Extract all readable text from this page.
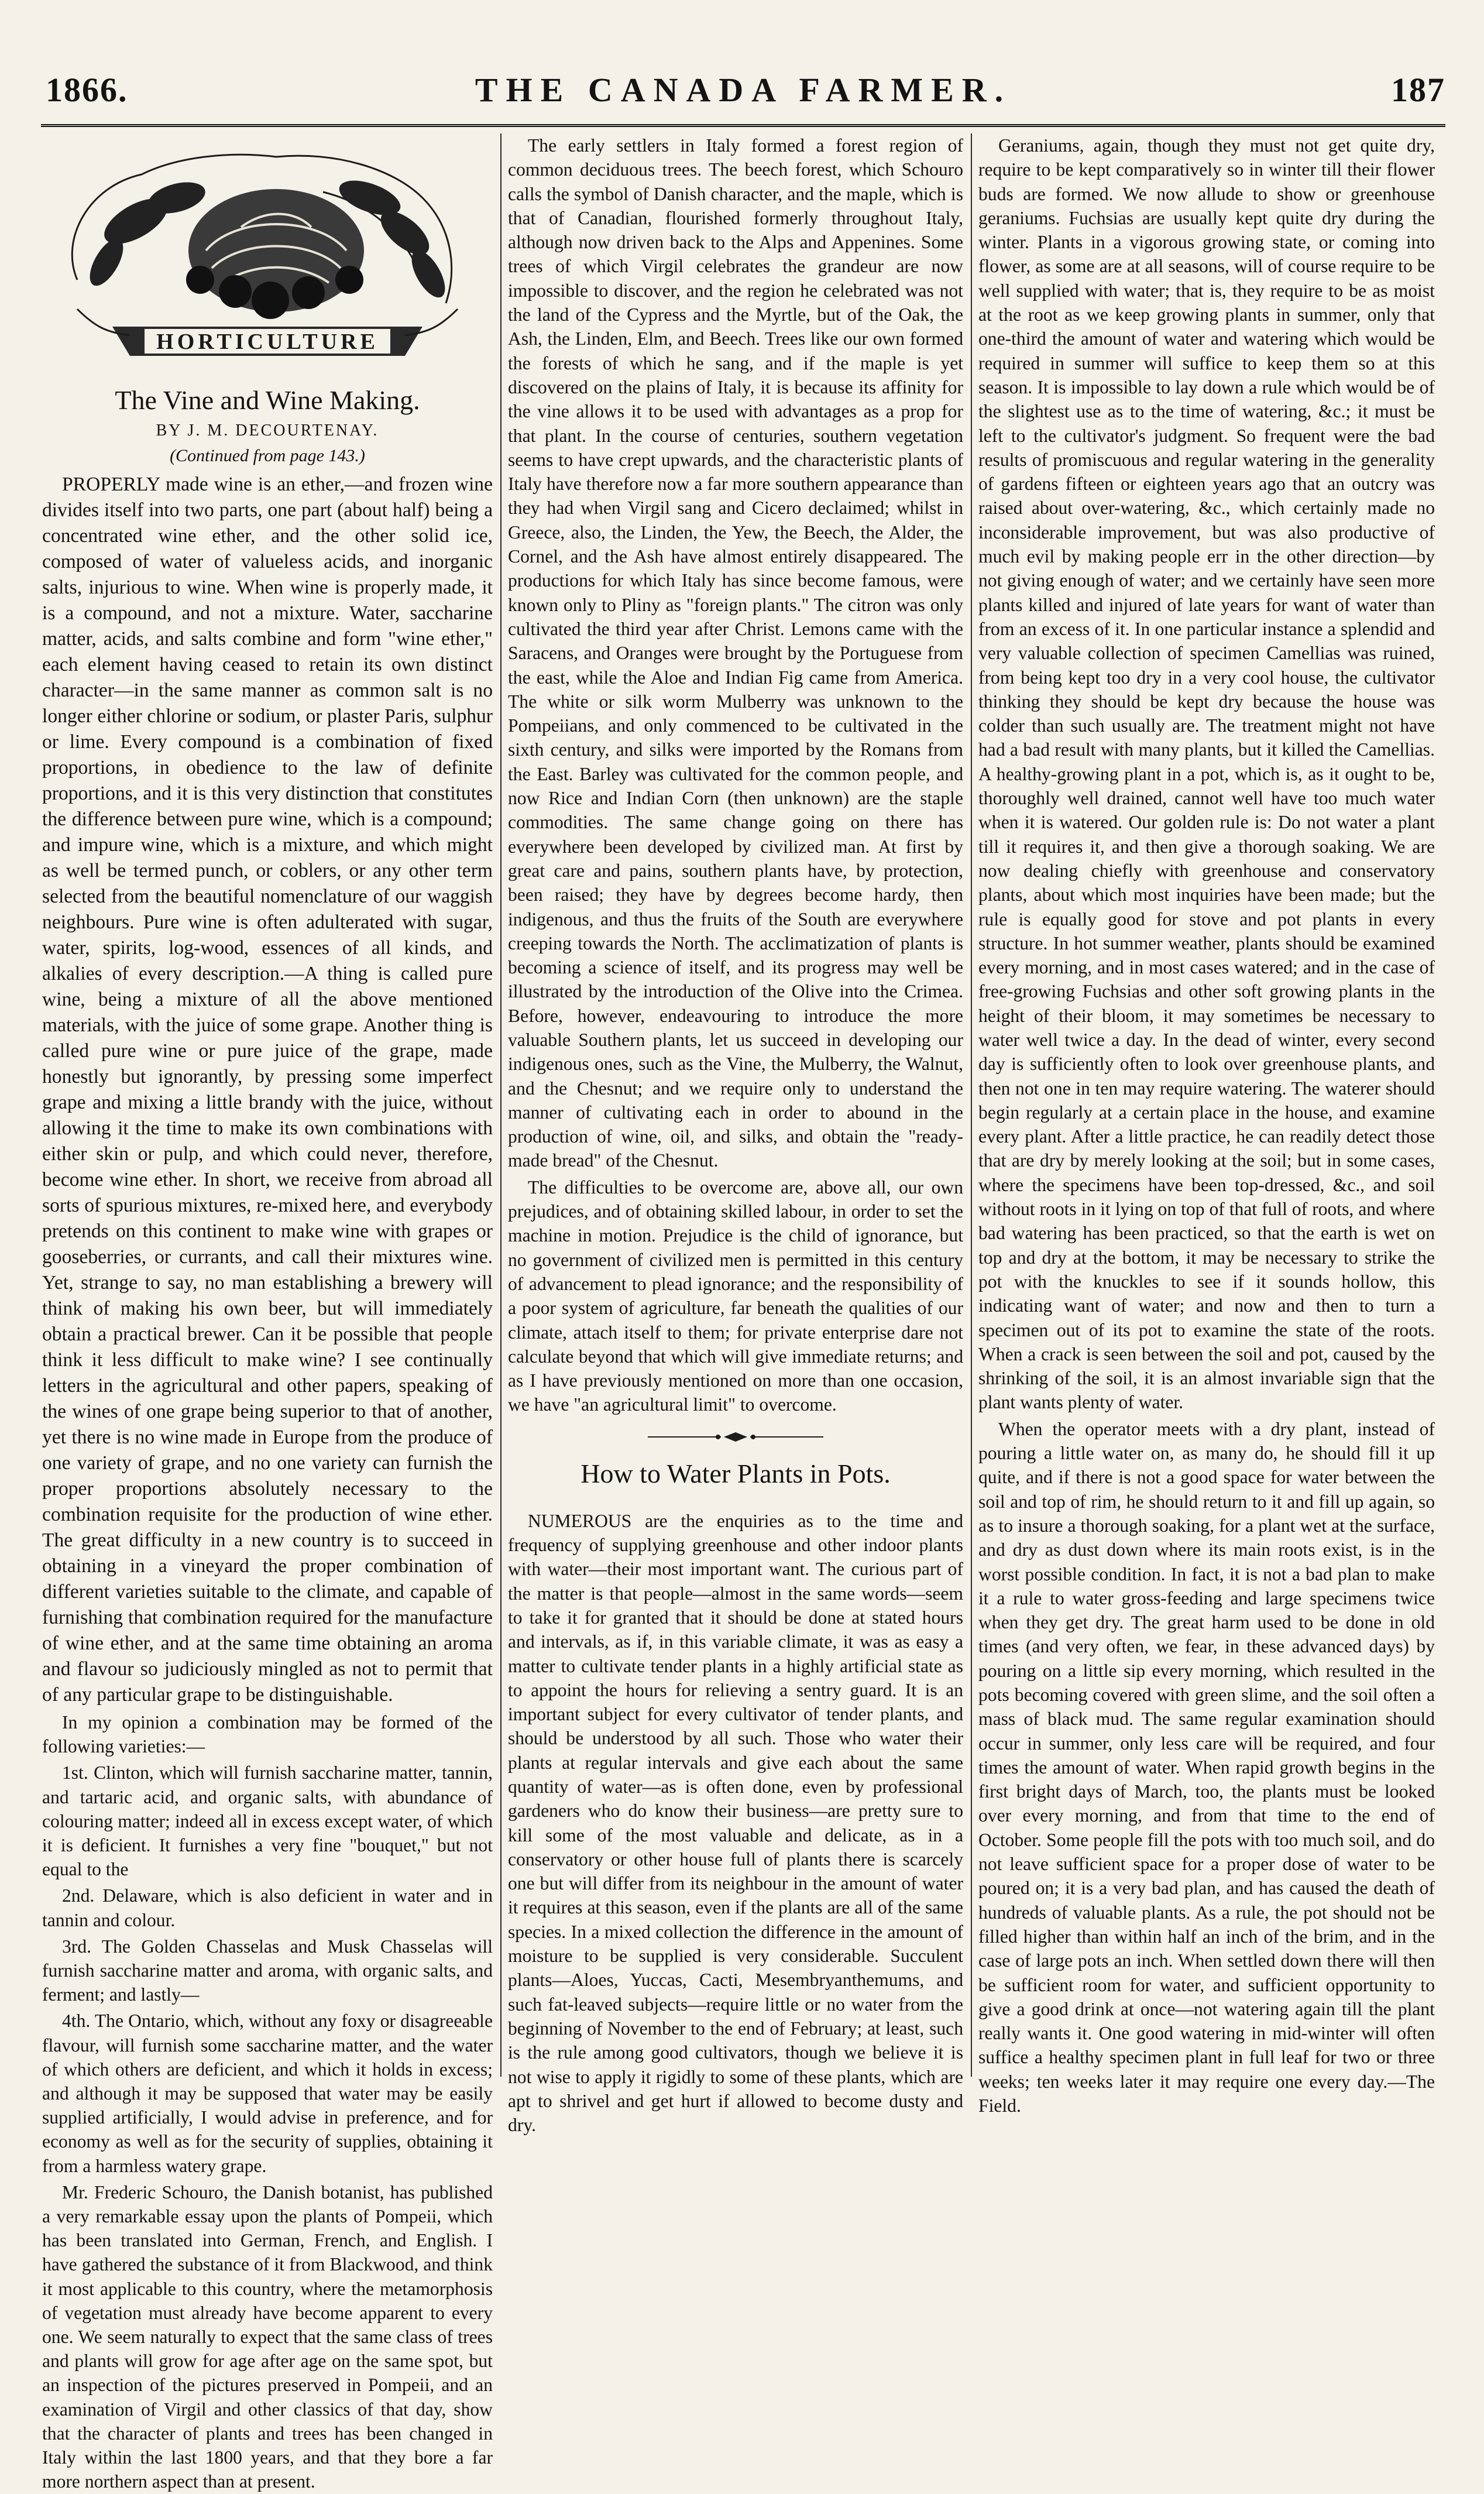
THE CANADA FARMER.
1866.	187
HORTICULTURE
The Vine and Wine Making.
BY J. M. DECOURTENAY.
(Continued from page 143.)

PROPERLY made wine is an ether,—and frozen wine divides itself into two parts, one part (about half) being a concentrated wine ether, and the other solid ice, composed of water of valueless acids, and inorganic salts, injurious to wine. When wine is properly made, it is a compound, and not a mixture. Water, saccharine matter, acids, and salts combine and form "wine ether," each element having ceased to retain its own distinct character—in the same manner as common salt is no longer either chlorine or sodium, or plaster Paris, sulphur or lime. Every compound is a combination of fixed proportions, in obedience to the law of definite proportions, and it is this very distinction that constitutes the difference between pure wine, which is a compound; and impure wine, which is a mixture, and which might as well be termed punch, or coblers, or any other term selected from the beautiful nomenclature of our waggish neighbours. Pure wine is often adulterated with sugar, water, spirits, log-wood, essences of all kinds, and alkalies of every description.—A thing is called pure wine, being a mixture of all the above mentioned materials, with the juice of some grape. Another thing is called pure wine or pure juice of the grape, made honestly but ignorantly, by pressing some imperfect grape and mixing a little brandy with the juice, without allowing it the time to make its own combinations with either skin or pulp, and which could never, therefore, become wine ether. In short, we receive from abroad all sorts of spurious mixtures, re-mixed here, and everybody pretends on this continent to make wine with grapes or gooseberries, or currants, and call their mixtures wine. Yet, strange to say, no man establishing a brewery will think of making his own beer, but will immediately obtain a practical brewer. Can it be possible that people think it less difficult to make wine? I see continually letters in the agricultural and other papers, speaking of the wines of one grape being superior to that of another, yet there is no wine made in Europe from the produce of one variety of grape, and no one variety can furnish the proper proportions absolutely necessary to the combination requisite for the production of wine ether. The great difficulty in a new country is to succeed in obtaining in a vineyard the proper combination of different varieties suitable to the climate, and capable of furnishing that combination required for the manufacture of wine ether, and at the same time obtaining an aroma and flavour so judiciously mingled as not to permit that of any particular grape to be distinguishable.

In my opinion a combination may be formed of the following varieties:—

1st. Clinton, which will furnish saccharine matter, tannin, and tartaric acid, and organic salts, with abundance of colouring matter; indeed all in excess except water, of which it is deficient. It furnishes a very fine "bouquet," but not equal to the

2nd. Delaware, which is also deficient in water and in tannin and colour.

3rd. The Golden Chasselas and Musk Chasselas will furnish saccharine matter and aroma, with organic salts, and ferment; and lastly—

4th. The Ontario, which, without any foxy or disagreeable flavour, will furnish some saccharine matter, and the water of which others are deficient, and which it holds in excess; and although it may be supposed that water may be easily supplied artificially, I would advise in preference, and for economy as well as for the security of supplies, obtaining it from a harmless watery grape.

Mr. Frederic Schouro, the Danish botanist, has published a very remarkable essay upon the plants of Pompeii, which has been translated into German, French, and English. I have gathered the substance of it from Blackwood, and think it most applicable to this country, where the metamorphosis of vegetation must already have become apparent to every one. We seem naturally to expect that the same class of trees and plants will grow for age after age on the same spot, but an inspection of the pictures preserved in Pompeii, and an examination of Virgil and other classics of that day, show that the character of plants and trees has been changed in Italy within the last 1800 years, and that they bore a far more northern aspect than at present.

The early settlers in Italy formed a forest region of common deciduous trees. The beech forest, which Schouro calls the symbol of Danish character, and the maple, which is that of Canadian, flourished formerly throughout Italy, although now driven back to the Alps and Appenines. Some trees of which Virgil celebrates the grandeur are now impossible to discover, and the region he celebrated was not the land of the Cypress and the Myrtle, but of the Oak, the Ash, the Linden, Elm, and Beech. Trees like our own formed the forests of which he sang, and if the maple is yet discovered on the plains of Italy, it is because its affinity for the vine allows it to be used with advantages as a prop for that plant. In the course of centuries, southern vegetation seems to have crept upwards, and the characteristic plants of Italy have therefore now a far more southern appearance than they had when Virgil sang and Cicero declaimed; whilst in Greece, also, the Linden, the Yew, the Beech, the Alder, the Cornel, and the Ash have almost entirely disappeared. The productions for which Italy has since become famous, were known only to Pliny as "foreign plants." The citron was only cultivated the third year after Christ. Lemons came with the Saracens, and Oranges were brought by the Portuguese from the east, while the Aloe and Indian Fig came from America. The white or silk worm Mulberry was unknown to the Pompeiians, and only commenced to be cultivated in the sixth century, and silks were imported by the Romans from the East. Barley was cultivated for the common people, and now Rice and Indian Corn (then unknown) are the staple commodities. The same change going on there has everywhere been developed by civilized man. At first by great care and pains, southern plants have, by protection, been raised; they have by degrees become hardy, then indigenous, and thus the fruits of the South are everywhere creeping towards the North. The acclimatization of plants is becoming a science of itself, and its progress may well be illustrated by the introduction of the Olive into the Crimea. Before, however, endeavouring to introduce the more valuable Southern plants, let us succeed in developing our indigenous ones, such as the Vine, the Mulberry, the Walnut, and the Chesnut; and we require only to understand the manner of cultivating each in order to abound in the production of wine, oil, and silks, and obtain the "ready-made bread" of the Chesnut.

The difficulties to be overcome are, above all, our own prejudices, and of obtaining skilled labour, in order to set the machine in motion. Prejudice is the child of ignorance, but no government of civilized men is permitted in this century of advancement to plead ignorance; and the responsibility of a poor system of agriculture, far beneath the qualities of our climate, attach itself to them; for private enterprise dare not calculate beyond that which will give immediate returns; and as I have previously mentioned on more than one occasion, we have "an agricultural limit" to overcome.

How to Water Plants in Pots.

NUMEROUS are the enquiries as to the time and frequency of supplying greenhouse and other indoor plants with water—their most important want. The curious part of the matter is that people—almost in the same words—seem to take it for granted that it should be done at stated hours and intervals, as if, in this variable climate, it was as easy a matter to cultivate tender plants in a highly artificial state as to appoint the hours for relieving a sentry guard. It is an important subject for every cultivator of tender plants, and should be understood by all such. Those who water their plants at regular intervals and give each about the same quantity of water—as is often done, even by professional gardeners who do know their business—are pretty sure to kill some of the most valuable and delicate, as in a conservatory or other house full of plants there is scarcely one but will differ from its neighbour in the amount of water it requires at this season, even if the plants are all of the same species. In a mixed collection the difference in the amount of moisture to be supplied is very considerable. Succulent plants—Aloes, Yuccas, Cacti, Mesembryanthemums, and such fat-leaved subjects—require little or no water from the beginning of November to the end of February; at least, such is the rule among good cultivators, though we believe it is not wise to apply it rigidly to some of these plants, which are apt to shrivel and get hurt if allowed to become dusty and dry.

Geraniums, again, though they must not get quite dry, require to be kept comparatively so in winter till their flower buds are formed. We now allude to show or greenhouse geraniums. Fuchsias are usually kept quite dry during the winter. Plants in a vigorous growing state, or coming into flower, as some are at all seasons, will of course require to be well supplied with water; that is, they require to be as moist at the root as we keep growing plants in summer, only that one-third the amount of water and watering which would be required in summer will suffice to keep them so at this season. It is impossible to lay down a rule which would be of the slightest use as to the time of watering, &c.; it must be left to the cultivator's judgment. So frequent were the bad results of promiscuous and regular watering in the generality of gardens fifteen or eighteen years ago that an outcry was raised about over-watering, &c., which certainly made no inconsiderable improvement, but was also productive of much evil by making people err in the other direction—by not giving enough of water; and we certainly have seen more plants killed and injured of late years for want of water than from an excess of it. In one particular instance a splendid and very valuable collection of specimen Camellias was ruined, from being kept too dry in a very cool house, the cultivator thinking they should be kept dry because the house was colder than such usually are. The treatment might not have had a bad result with many plants, but it killed the Camellias. A healthy-growing plant in a pot, which is, as it ought to be, thoroughly well drained, cannot well have too much water when it is watered. Our golden rule is: Do not water a plant till it requires it, and then give a thorough soaking. We are now dealing chiefly with greenhouse and conservatory plants, about which most inquiries have been made; but the rule is equally good for stove and pot plants in every structure. In hot summer weather, plants should be examined every morning, and in most cases watered; and in the case of free-growing Fuchsias and other soft growing plants in the height of their bloom, it may sometimes be necessary to water well twice a day. In the dead of winter, every second day is sufficiently often to look over greenhouse plants, and then not one in ten may require watering. The waterer should begin regularly at a certain place in the house, and examine every plant. After a little practice, he can readily detect those that are dry by merely looking at the soil; but in some cases, where the specimens have been top-dressed, &c., and soil without roots in it lying on top of that full of roots, and where bad watering has been practiced, so that the earth is wet on top and dry at the bottom, it may be necessary to strike the pot with the knuckles to see if it sounds hollow, this indicating want of water; and now and then to turn a specimen out of its pot to examine the state of the roots. When a crack is seen between the soil and pot, caused by the shrinking of the soil, it is an almost invariable sign that the plant wants plenty of water.

When the operator meets with a dry plant, instead of pouring a little water on, as many do, he should fill it up quite, and if there is not a good space for water between the soil and top of rim, he should return to it and fill up again, so as to insure a thorough soaking, for a plant wet at the surface, and dry as dust down where its main roots exist, is in the worst possible condition. In fact, it is not a bad plan to make it a rule to water gross-feeding and large specimens twice when they get dry. The great harm used to be done in old times (and very often, we fear, in these advanced days) by pouring on a little sip every morning, which resulted in the pots becoming covered with green slime, and the soil often a mass of black mud. The same regular examination should occur in summer, only less care will be required, and four times the amount of water. When rapid growth begins in the first bright days of March, too, the plants must be looked over every morning, and from that time to the end of October. Some people fill the pots with too much soil, and do not leave sufficient space for a proper dose of water to be poured on; it is a very bad plan, and has caused the death of hundreds of valuable plants. As a rule, the pot should not be filled higher than within half an inch of the brim, and in the case of large pots an inch. When settled down there will then be sufficient room for water, and sufficient opportunity to give a good drink at once—not watering again till the plant really wants it. One good watering in mid-winter will often suffice a healthy specimen plant in full leaf for two or three weeks; ten weeks later it may require one every day.—The Field.
